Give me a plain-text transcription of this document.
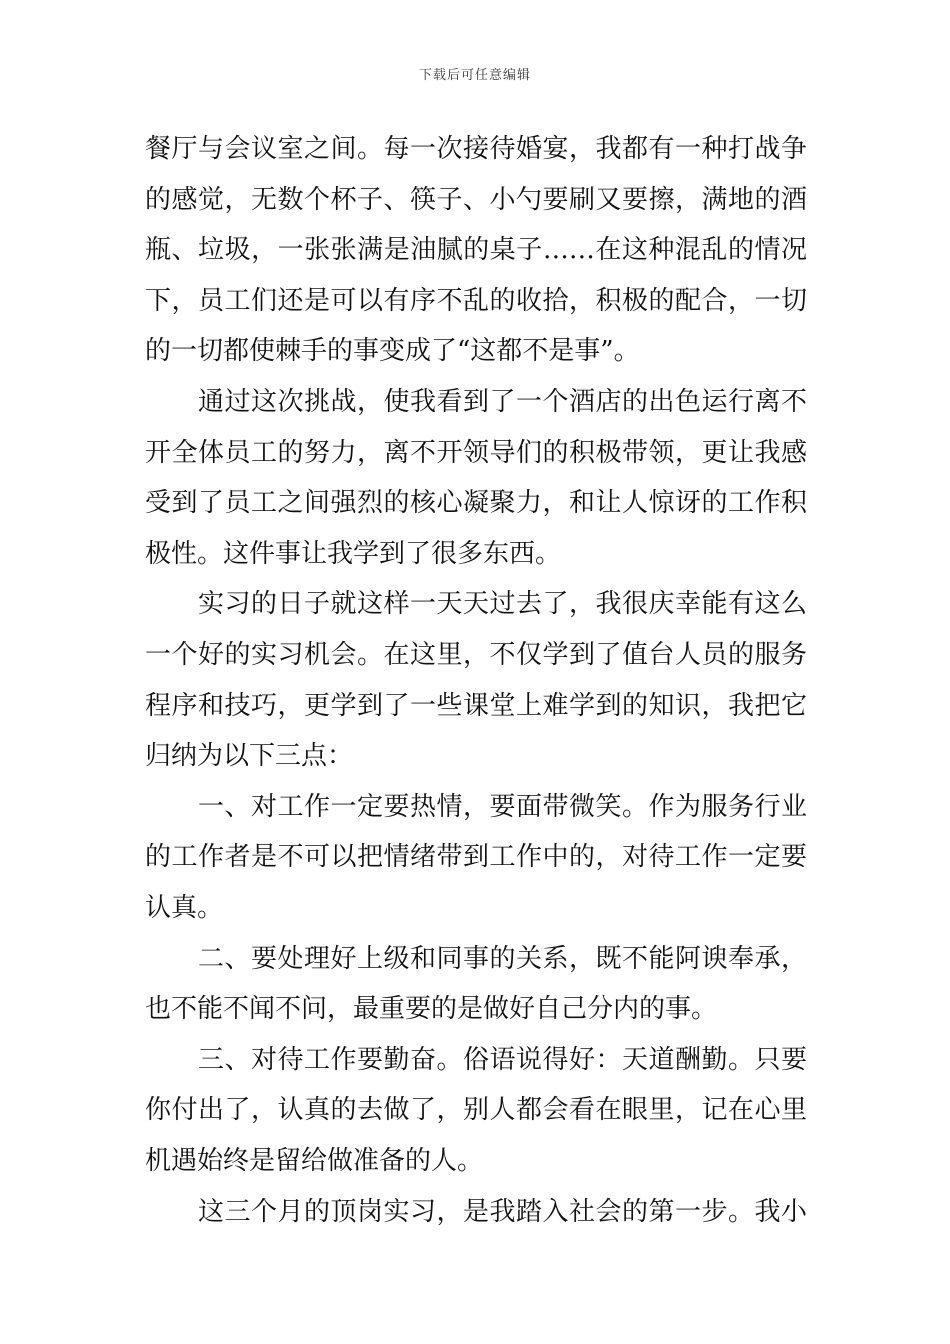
下载后可任意编辑
餐厅与会议室之间。每一次接待婚宴，我都有一种打战争
的感觉，无数个杯子、筷子、小勺要刷又要擦，满地的酒
瓶、垃圾，一张张满是油腻的桌子……在这种混乱的情况
下，员工们还是可以有序不乱的收拾，积极的配合，一切
的一切都使棘手的事变成了“这都不是事”。
　　通过这次挑战，使我看到了一个酒店的出色运行离不
开全体员工的努力，离不开领导们的积极带领，更让我感
受到了员工之间强烈的核心凝聚力，和让人惊讶的工作积
极性。这件事让我学到了很多东西。
　　实习的日子就这样一天天过去了，我很庆幸能有这么
一个好的实习机会。在这里，不仅学到了值台人员的服务
程序和技巧，更学到了一些课堂上难学到的知识，我把它
归纳为以下三点：
　　一、对工作一定要热情，要面带微笑。作为服务行业
的工作者是不可以把情绪带到工作中的，对待工作一定要
认真。
　　二、要处理好上级和同事的关系，既不能阿谀奉承，
也不能不闻不问，最重要的是做好自己分内的事。
　　三、对待工作要勤奋。俗语说得好：天道酬勤。只要
你付出了，认真的去做了，别人都会看在眼里，记在心里
机遇始终是留给做准备的人。
　　这三个月的顶岗实习，是我踏入社会的第一步。我小
